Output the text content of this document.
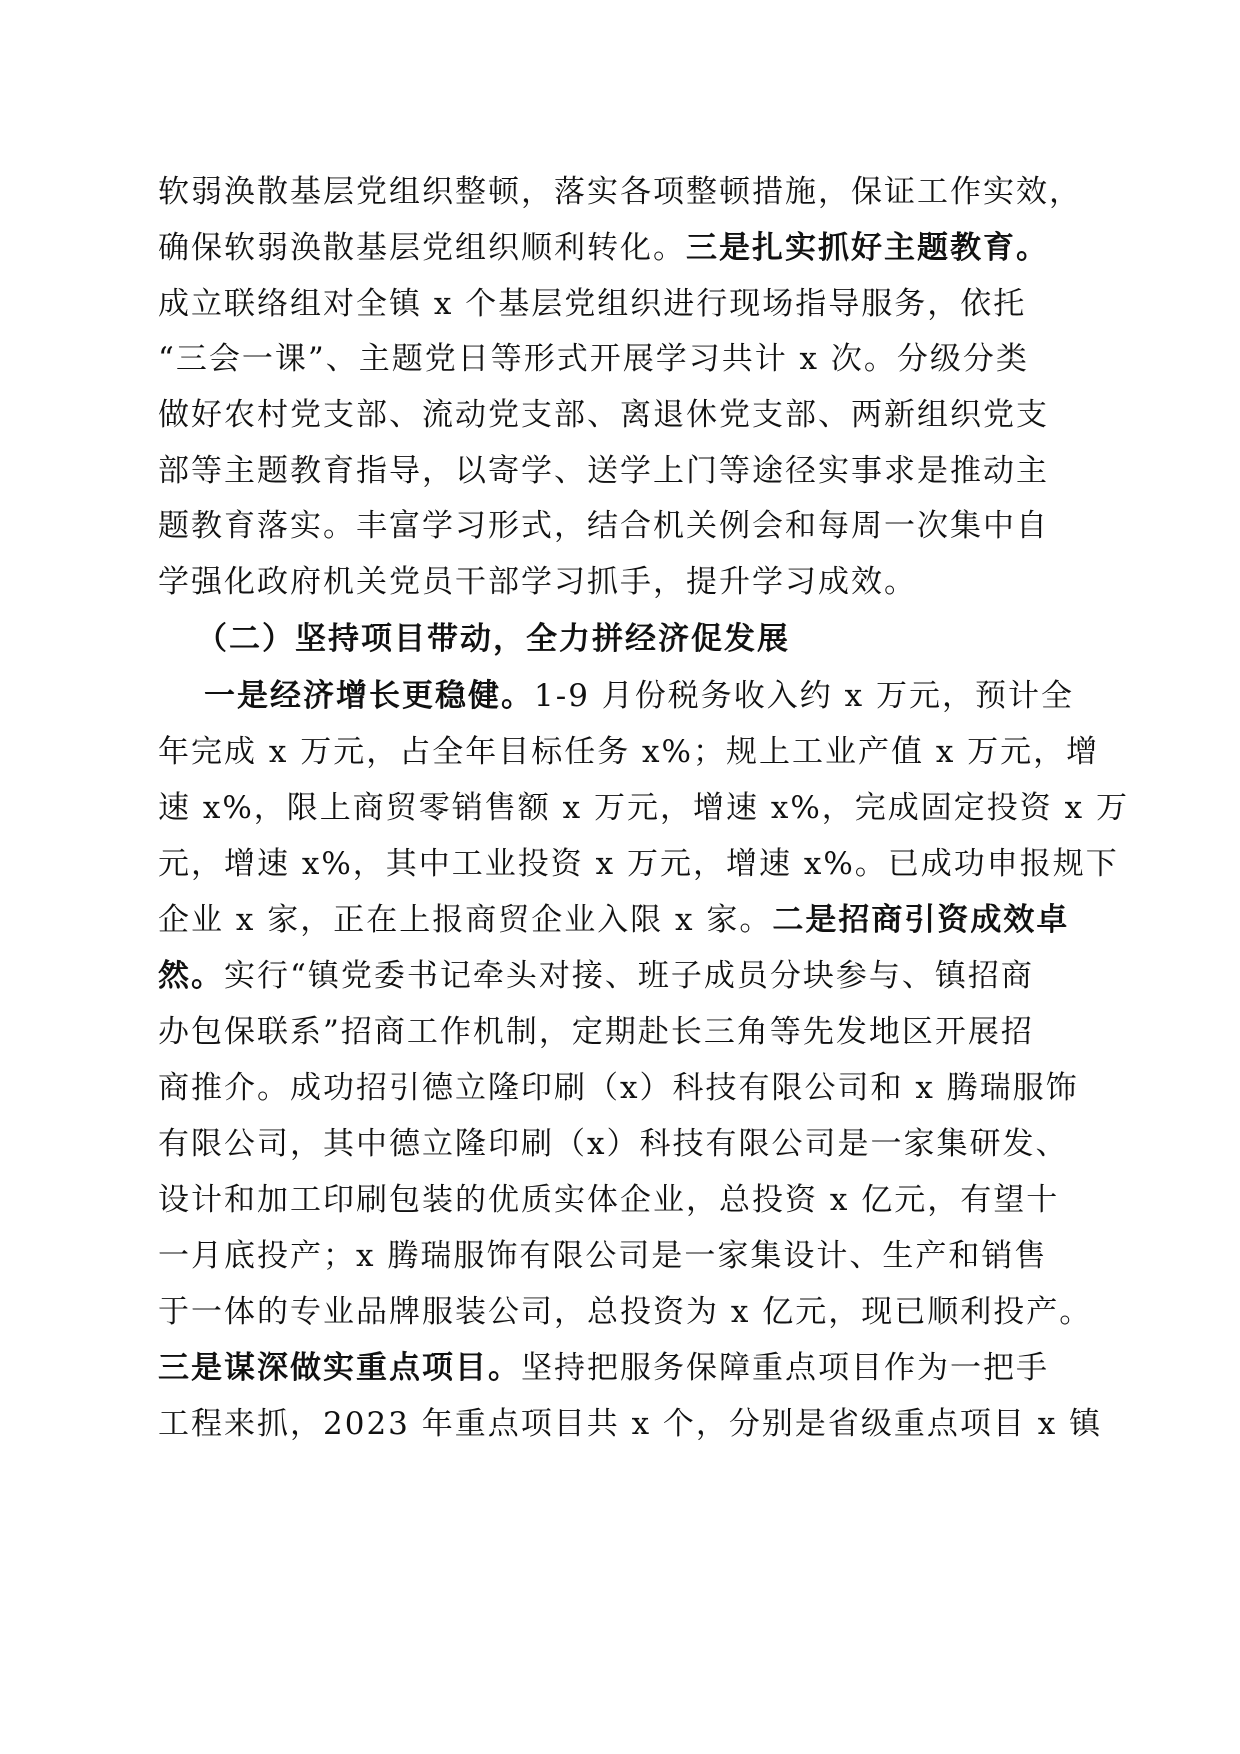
软弱涣散基层党组织整顿，落实各项整顿措施，保证工作实效，
确保软弱涣散基层党组织顺利转化。三是扎实抓好主题教育。
成立联络组对全镇 x 个基层党组织进行现场指导服务，依托
“三会一课”、主题党日等形式开展学习共计 x 次。分级分类
做好农村党支部、流动党支部、离退休党支部、两新组织党支
部等主题教育指导，以寄学、送学上门等途径实事求是推动主
题教育落实。丰富学习形式，结合机关例会和每周一次集中自
学强化政府机关党员干部学习抓手，提升学习成效。
（二）坚持项目带动，全力拼经济促发展
一是经济增长更稳健。1-9 月份税务收入约 x 万元，预计全
年完成 x 万元，占全年目标任务 x%；规上工业产值 x 万元，增
速 x%，限上商贸零销售额 x 万元，增速 x%，完成固定投资 x 万
元，增速 x%，其中工业投资 x 万元，增速 x%。已成功申报规下
企业 x 家，正在上报商贸企业入限 x 家。二是招商引资成效卓
然。实行“镇党委书记牵头对接、班子成员分块参与、镇招商
办包保联系”招商工作机制，定期赴长三角等先发地区开展招
商推介。成功招引德立隆印刷（x）科技有限公司和 x 腾瑞服饰
有限公司，其中德立隆印刷（x）科技有限公司是一家集研发、
设计和加工印刷包装的优质实体企业，总投资 x 亿元，有望十
一月底投产；x 腾瑞服饰有限公司是一家集设计、生产和销售
于一体的专业品牌服装公司，总投资为 x 亿元，现已顺利投产。
三是谋深做实重点项目。坚持把服务保障重点项目作为一把手
工程来抓，2023 年重点项目共 x 个，分别是省级重点项目 x 镇
